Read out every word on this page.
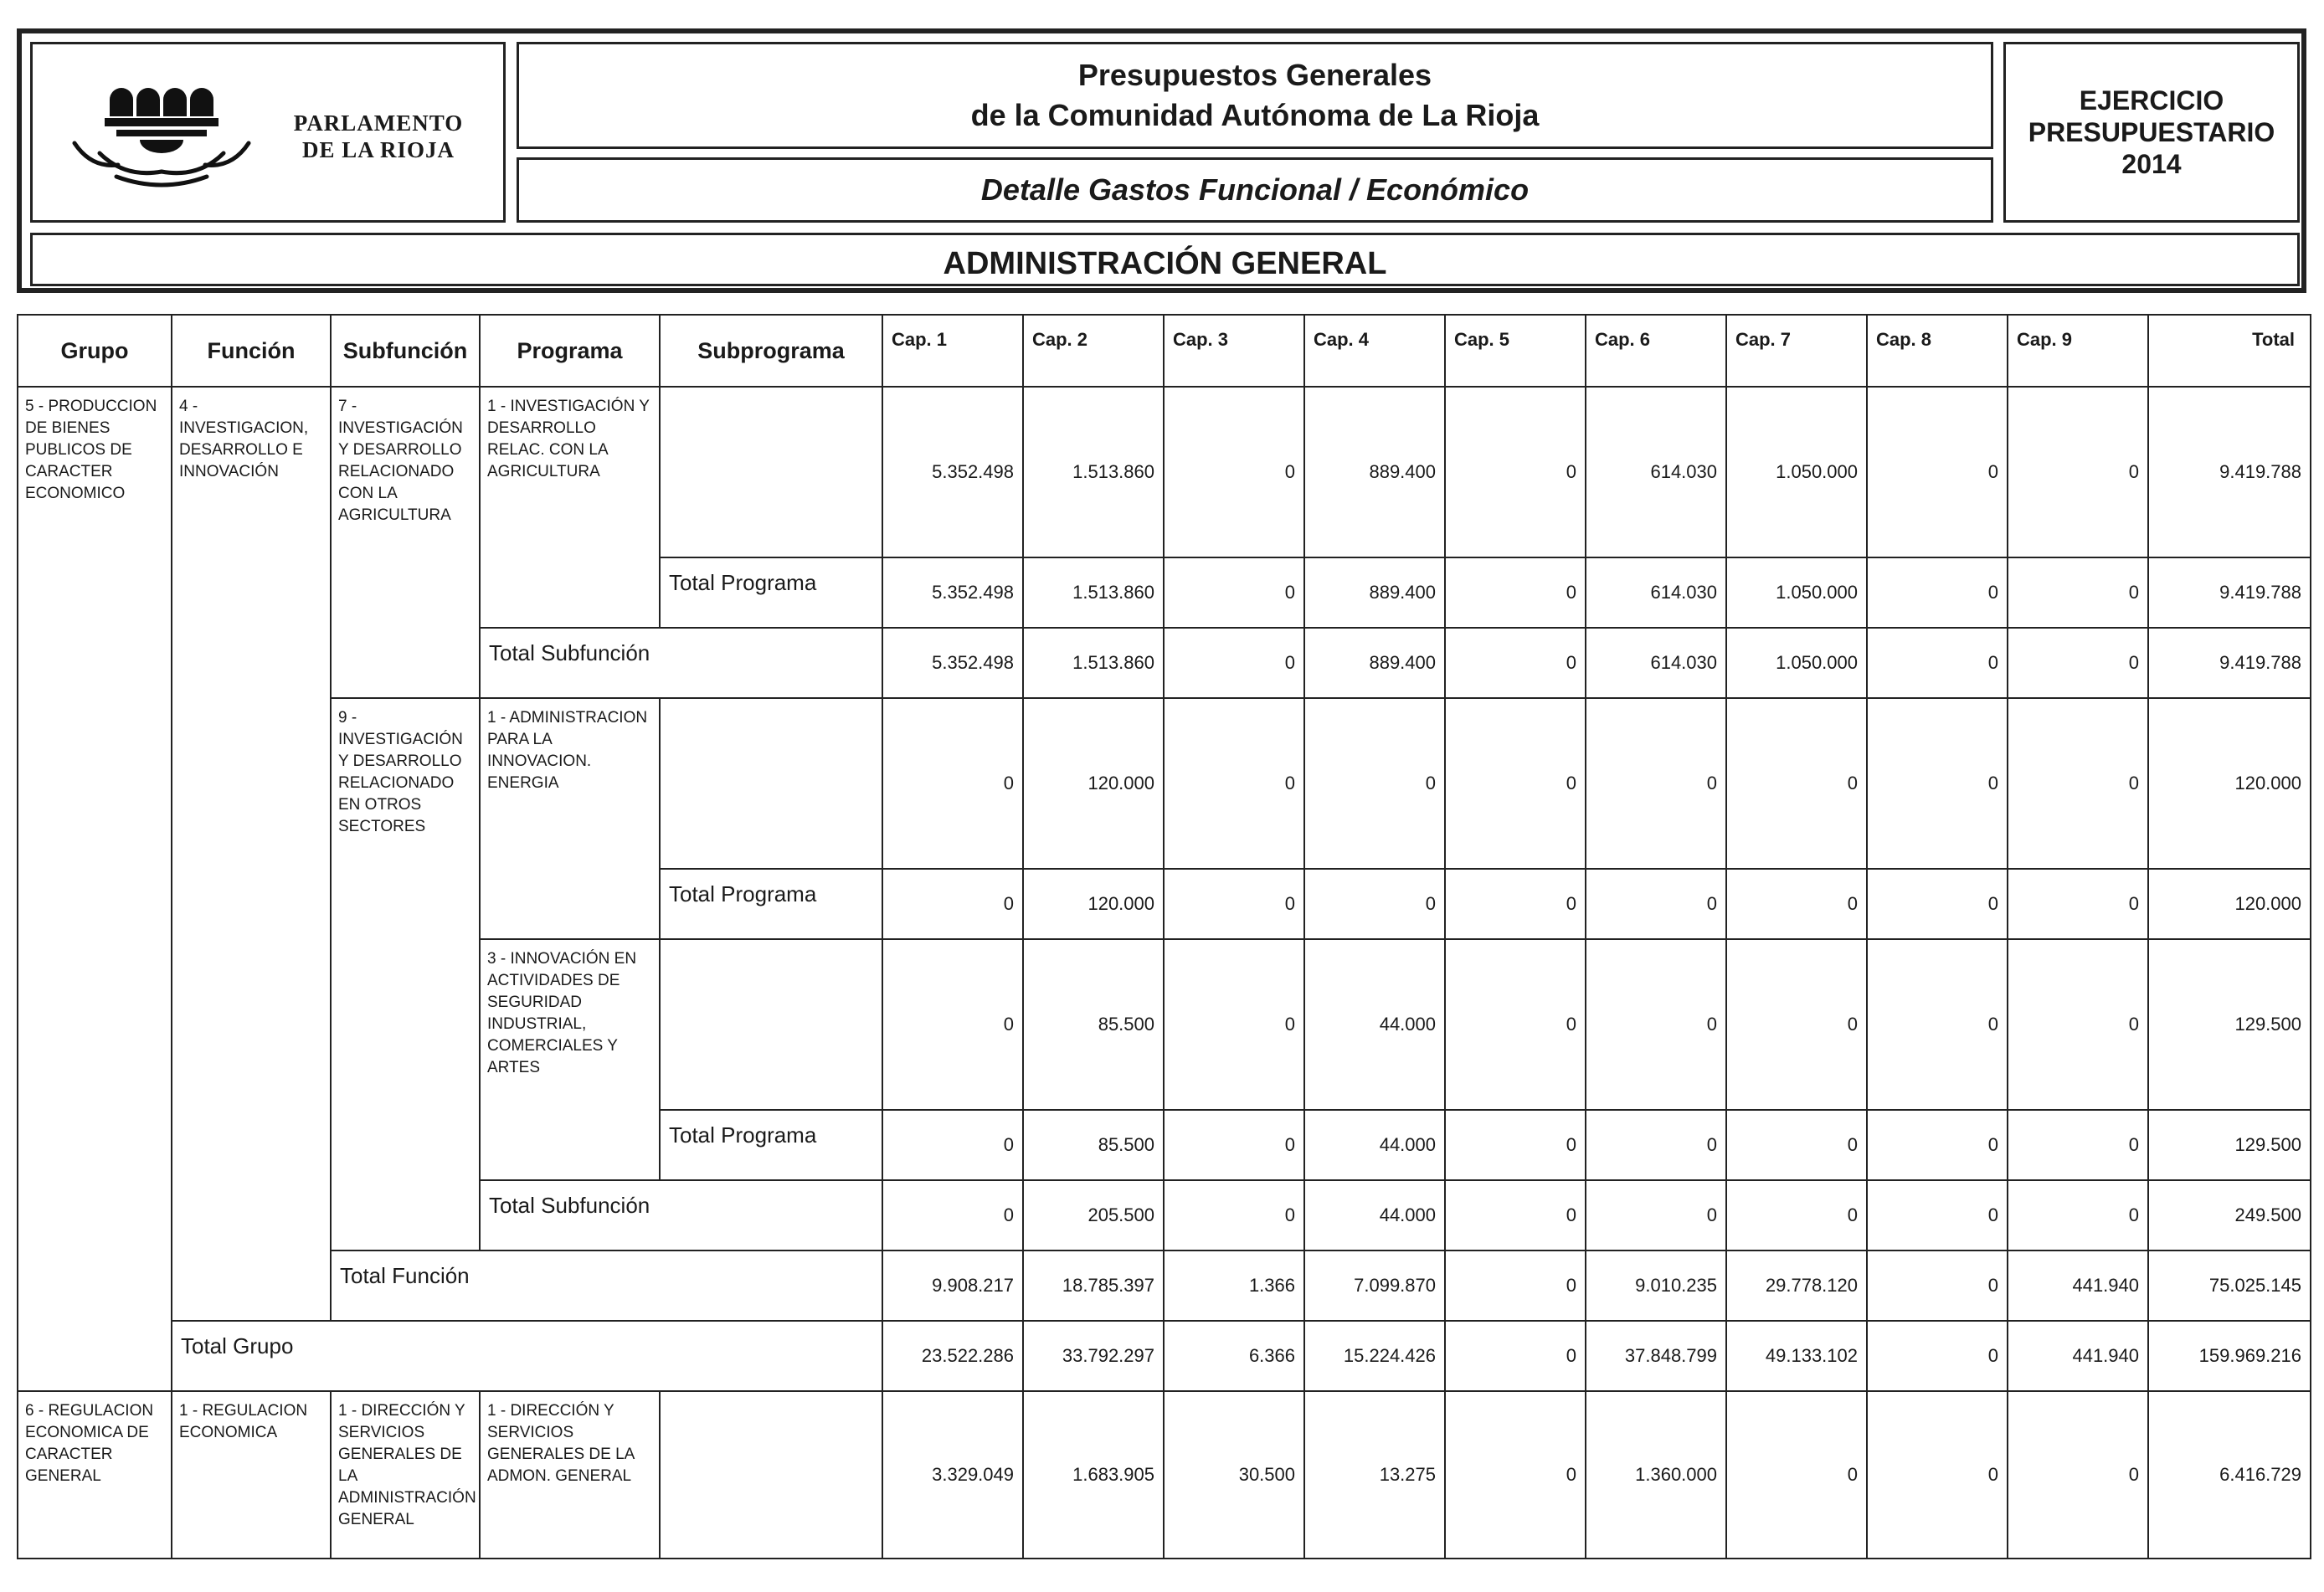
PARLAMENTO
DE LA RIOJA
Presupuestos Generales
de la Comunidad Autónoma de La Rioja
Detalle Gastos Funcional / Económico
EJERCICIO
PRESUPUESTARIO
2014
ADMINISTRACIÓN GENERAL
Grupo	Función	Subfunción	Programa	Subprograma	Cap. 1	Cap. 2	Cap. 3	Cap. 4	Cap. 5	Cap. 6	Cap. 7	Cap. 8	Cap. 9	Total
5 - PRODUCCION DE BIENES PUBLICOS DE CARACTER ECONOMICO	4 - INVESTIGACION, DESARROLLO E INNOVACIÓN	7 - INVESTIGACIÓN Y DESARROLLO RELACIONADO CON LA AGRICULTURA	1 - INVESTIGACIÓN Y DESARROLLO RELAC. CON LA AGRICULTURA		5.352.498	1.513.860	0	889.400	0	614.030	1.050.000	0	0	9.419.788
				Total Programa	5.352.498	1.513.860	0	889.400	0	614.030	1.050.000	0	0	9.419.788
			Total Subfunción		5.352.498	1.513.860	0	889.400	0	614.030	1.050.000	0	0	9.419.788
		9 - INVESTIGACIÓN Y DESARROLLO RELACIONADO EN OTROS SECTORES	1 - ADMINISTRACION PARA LA INNOVACION. ENERGIA		0	120.000	0	0	0	0	0	0	0	120.000
				Total Programa	0	120.000	0	0	0	0	0	0	0	120.000
			3 - INNOVACIÓN EN ACTIVIDADES DE SEGURIDAD INDUSTRIAL, COMERCIALES Y ARTES		0	85.500	0	44.000	0	0	0	0	0	129.500
				Total Programa	0	85.500	0	44.000	0	0	0	0	0	129.500
			Total Subfunción		0	205.500	0	44.000	0	0	0	0	0	249.500
		Total Función			9.908.217	18.785.397	1.366	7.099.870	0	9.010.235	29.778.120	0	441.940	75.025.145
	Total Grupo				23.522.286	33.792.297	6.366	15.224.426	0	37.848.799	49.133.102	0	441.940	159.969.216
6 - REGULACION ECONOMICA DE CARACTER GENERAL	1 - REGULACION ECONOMICA	1 - DIRECCIÓN Y SERVICIOS GENERALES DE LA ADMINISTRACIÓN GENERAL	1 - DIRECCIÓN Y SERVICIOS GENERALES DE LA ADMON. GENERAL		3.329.049	1.683.905	30.500	13.275	0	1.360.000	0	0	0	6.416.729
